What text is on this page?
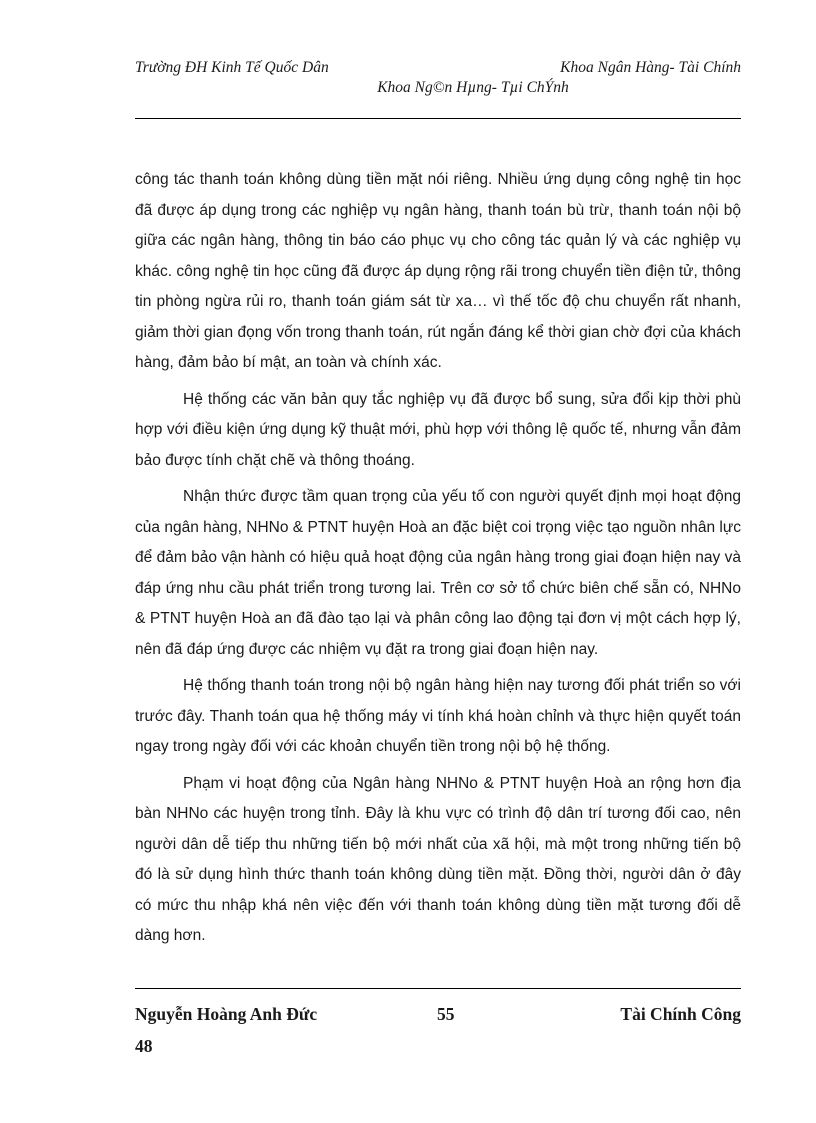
Trường ĐH Kinh Tế Quốc Dân	Khoa Ngân Hàng- Tài Chính
Khoa Ng©n Hµng- Tµi ChÝnh

công tác thanh toán không dùng tiền mặt nói riêng. Nhiều ứng dụng công nghệ tin học đã được áp dụng trong các nghiệp vụ ngân hàng, thanh toán bù trừ, thanh toán nội bộ giữa các ngân hàng, thông tin báo cáo phục vụ cho công tác quản lý và các nghiệp vụ khác. công nghệ tin học cũng đã được áp dụng rộng rãi trong chuyển tiền điện tử, thông tin phòng ngừa rủi ro, thanh toán giám sát từ xa… vì thế tốc độ chu chuyển rất nhanh, giảm thời gian đọng vốn trong thanh toán, rút ngắn đáng kể thời gian chờ đợi của khách hàng, đảm bảo bí mật, an toàn và chính xác.

Hệ thống các văn bản quy tắc nghiệp vụ đã được bổ sung, sửa đổi kịp thời phù hợp với điều kiện ứng dụng kỹ thuật mới, phù hợp với thông lệ quốc tế, nhưng vẫn đảm bảo được tính chặt chẽ và thông thoáng.

Nhận thức được tầm quan trọng của yếu tố con người quyết định mọi hoạt động của ngân hàng, NHNo & PTNT huyện Hoà an đặc biệt coi trọng việc tạo nguồn nhân lực để đảm bảo vận hành có hiệu quả hoạt động của ngân hàng trong giai đoạn hiện nay và đáp ứng nhu cầu phát triển trong tương lai. Trên cơ sở tổ chức biên chế sẵn có, NHNo & PTNT huyện Hoà an đã đào tạo lại và phân công lao động tại đơn vị một cách hợp lý, nên đã đáp ứng được các nhiệm vụ đặt ra trong giai đoạn hiện nay.

Hệ thống thanh toán trong nội bộ ngân hàng hiện nay tương đối phát triển so với trước đây. Thanh toán qua hệ thống máy vi tính khá hoàn chỉnh và thực hiện quyết toán ngay trong ngày đối với các khoản chuyển tiền trong nội bộ hệ thống.

Phạm vi hoạt động của Ngân hàng NHNo & PTNT huyện Hoà an rộng hơn địa bàn NHNo các huyện trong tỉnh. Đây là khu vực có trình độ dân trí tương đối cao, nên người dân dễ tiếp thu những tiến bộ mới nhất của xã hội, mà một trong những tiến bộ đó là sử dụng hình thức thanh toán không dùng tiền mặt. Đồng thời, người dân ở đây có mức thu nhập khá nên việc đến với thanh toán không dùng tiền mặt tương đối dễ dàng hơn.

Nguyễn Hoàng Anh Đức	55	Tài Chính Công
48
